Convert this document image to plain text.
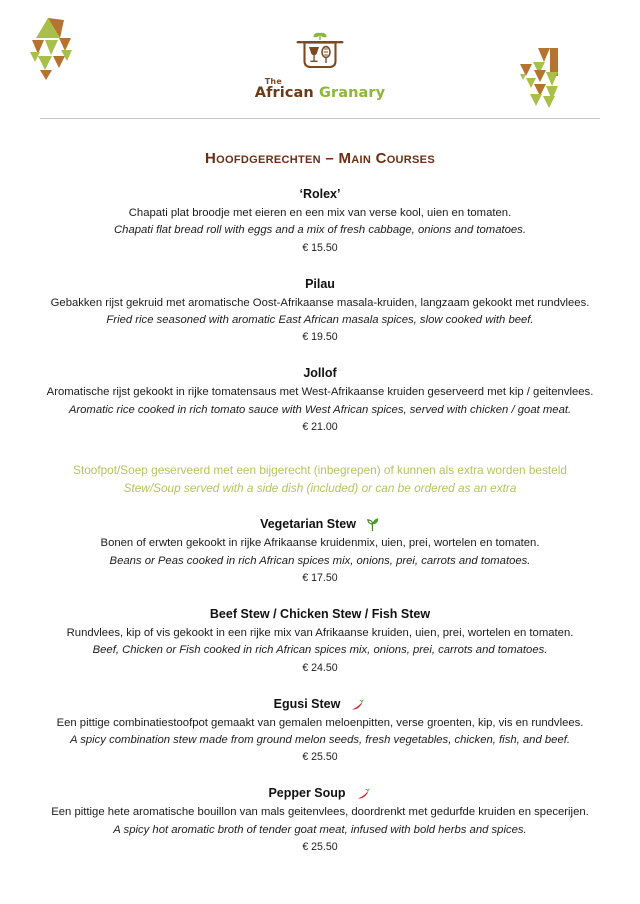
The
African Granary
Hoofdgerechten – Main Courses
‘Rolex’
Chapati plat broodje met eieren en een mix van verse kool, uien en tomaten.
Chapati flat bread roll with eggs and a mix of fresh cabbage, onions and tomatoes.
€ 15.50
Pilau
Gebakken rijst gekruid met aromatische Oost-Afrikaanse masala-kruiden, langzaam gekookt met rundvlees.
Fried rice seasoned with aromatic East African masala spices, slow cooked with beef.
€ 19.50
Jollof
Aromatische rijst gekookt in rijke tomatensaus met West-Afrikaanse kruiden geserveerd met kip / geitenvlees.
Aromatic rice cooked in rich tomato sauce with West African spices, served with chicken / goat meat.
€ 21.00
Stoofpot/Soep geserveerd met een bijgerecht (inbegrepen) of kunnen als extra worden besteld
Stew/Soup served with a side dish (included) or can be ordered as an extra
Vegetarian Stew
Bonen of erwten gekookt in rijke Afrikaanse kruidenmix, uien, prei, wortelen en tomaten.
Beans or Peas cooked in rich African spices mix, onions, prei, carrots and tomatoes.
€ 17.50
Beef Stew / Chicken Stew / Fish Stew
Rundvlees, kip of vis gekookt in een rijke mix van Afrikaanse kruiden, uien, prei, wortelen en tomaten.
Beef, Chicken or Fish cooked in rich African spices mix, onions, prei, carrots and tomatoes.
€ 24.50
Egusi Stew
Een pittige combinatiestoofpot gemaakt van gemalen meloenpitten, verse groenten, kip, vis en rundvlees.
A spicy combination stew made from ground melon seeds, fresh vegetables, chicken, fish, and beef.
€ 25.50
Pepper Soup
Een pittige hete aromatische bouillon van mals geitenvlees, doordrenkt met gedurfde kruiden en specerijen.
A spicy hot aromatic broth of tender goat meat, infused with bold herbs and spices.
€ 25.50
